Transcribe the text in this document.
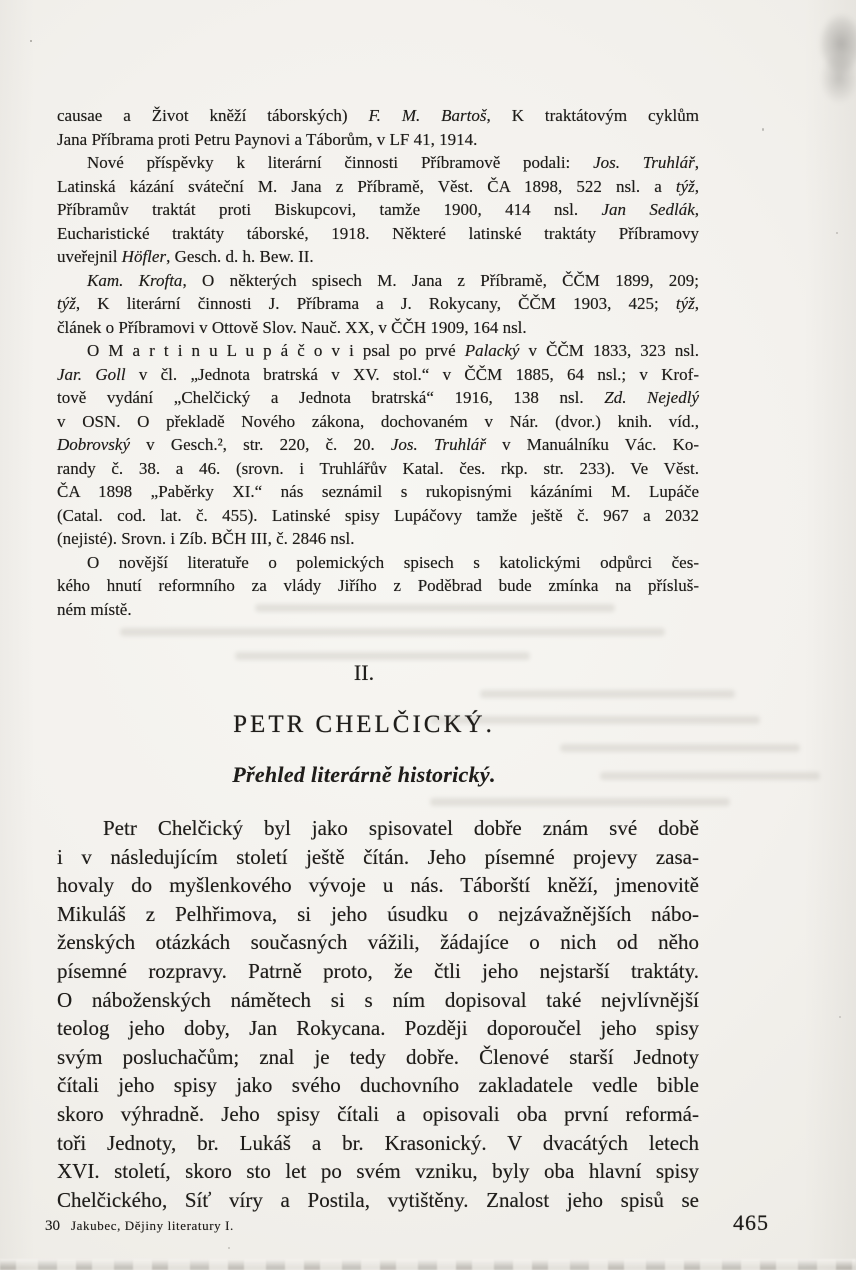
causae a Život kněží táborských) F. M. Bartoš, K traktátovým cyklům
Jana Příbrama proti Petru Paynovi a Táborům, v LF 41, 1914.
Nové příspěvky k literární činnosti Příbramově podali: Jos. Truhlář,
Latinská kázání sváteční M. Jana z Příbramě, Věst. ČA 1898, 522 nsl. a týž,
Příbramův traktát proti Biskupcovi, tamže 1900, 414 nsl. Jan Sedlák,
Eucharistické traktáty táborské, 1918. Některé latinské traktáty Příbramovy
uveřejnil Höfler, Gesch. d. h. Bew. II.
Kam. Krofta, O některých spisech M. Jana z Příbramě, ČČM 1899, 209;
týž, K literární činnosti J. Příbrama a J. Rokycany, ČČM 1903, 425; týž,
článek o Příbramovi v Ottově Slov. Nauč. XX, v ČČH 1909, 164 nsl.
O M a r t i n u L u p á č o v i psal po prvé Palacký v ČČM 1833, 323 nsl.
Jar. Goll v čl. „Jednota bratrská v XV. stol.“ v ČČM 1885, 64 nsl.; v Krof-
tově vydání „Chelčický a Jednota bratrská“ 1916, 138 nsl. Zd. Nejedlý
v OSN. O překladě Nového zákona, dochovaném v Nár. (dvor.) knih. víd.,
Dobrovský v Gesch.², str. 220, č. 20. Jos. Truhlář v Manuálníku Vác. Ko-
randy č. 38. a 46. (srovn. i Truhlářův Katal. čes. rkp. str. 233). Ve Věst.
ČA 1898 „Paběrky XI.“ nás seznámil s rukopisnými kázáními M. Lupáče
(Catal. cod. lat. č. 455). Latinské spisy Lupáčovy tamže ještě č. 967 a 2032
(nejisté). Srovn. i Zíb. BČH III, č. 2846 nsl.
O novější literatuře o polemických spisech s katolickými odpůrci čes-
kého hnutí reformního za vlády Jiřího z Poděbrad bude zmínka na přísluš-
ném místě.
II.
PETR CHELČICKÝ.
Přehled literárně historický.
Petr Chelčický byl jako spisovatel dobře znám své době
i v následujícím století ještě čítán. Jeho písemné projevy zasa-
hovaly do myšlenkového vývoje u nás. Táborští kněží, jmenovitě
Mikuláš z Pelhřimova, si jeho úsudku o nejzávažnějších nábo-
ženských otázkách současných vážili, žádajíce o nich od něho
písemné rozpravy. Patrně proto, že čtli jeho nejstarší traktáty.
O náboženských námětech si s ním dopisoval také nejvlívnější
teolog jeho doby, Jan Rokycana. Později doporoučel jeho spisy
svým posluchačům; znal je tedy dobře. Členové starší Jednoty
čítali jeho spisy jako svého duchovního zakladatele vedle bible
skoro výhradně. Jeho spisy čítali a opisovali oba první reformá-
toři Jednoty, br. Lukáš a br. Krasonický. V dvacátých letech
XVI. století, skoro sto let po svém vzniku, byly oba hlavní spisy
Chelčického, Síť víry a Postila, vytištěny. Znalost jeho spisů se
30 Jakubec, Dějiny literatury I.	465
